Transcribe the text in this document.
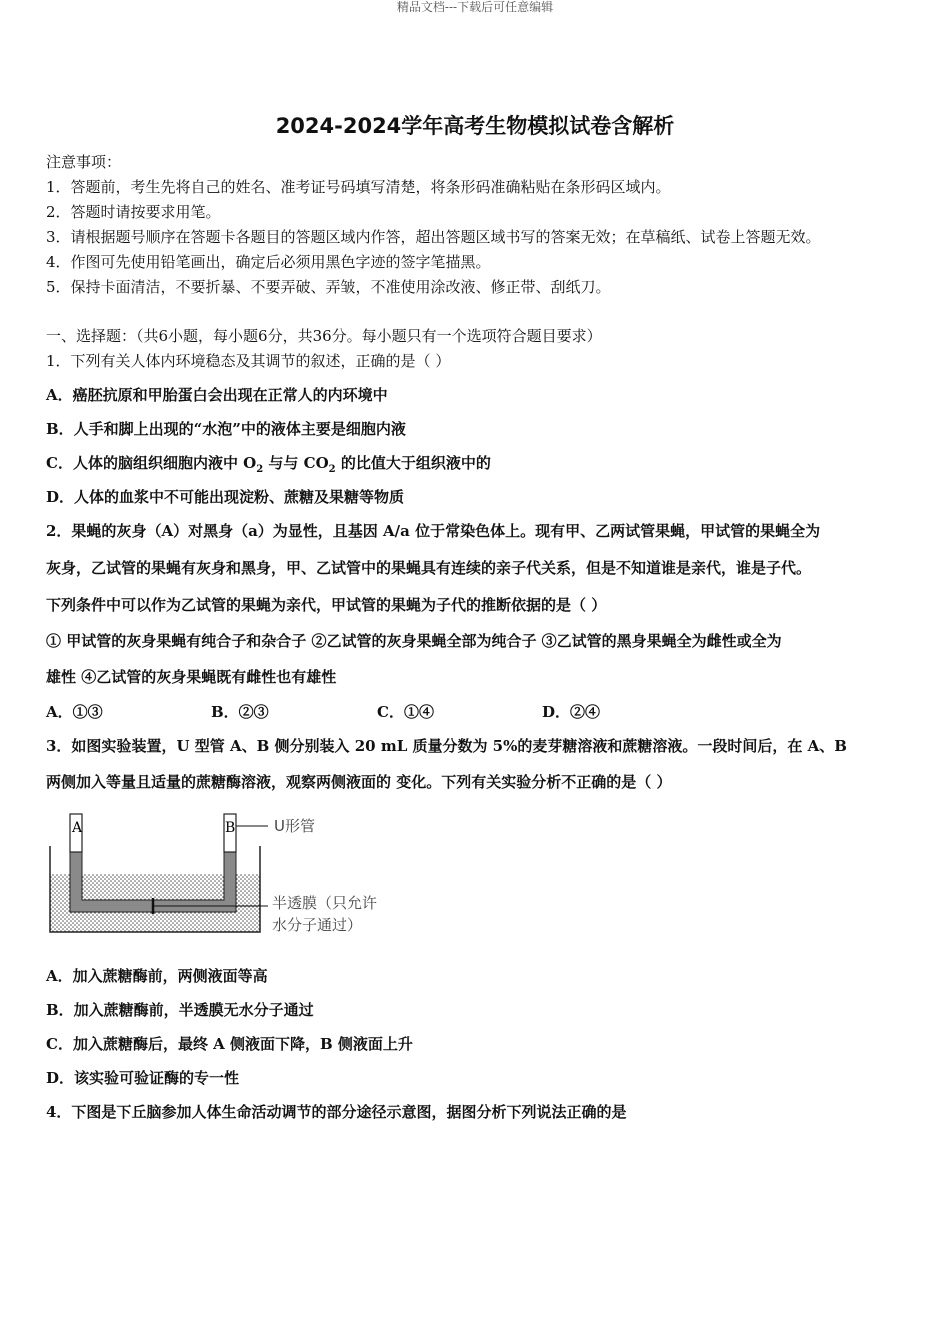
精品文档---下载后可任意编辑
2024-2024学年高考生物模拟试卷含解析
注意事项：
1．答题前，考生先将自己的姓名、准考证号码填写清楚，将条形码准确粘贴在条形码区域内。
2．答题时请按要求用笔。
3．请根据题号顺序在答题卡各题目的答题区域内作答，超出答题区域书写的答案无效；在草稿纸、试卷上答题无效。
4．作图可先使用铅笔画出，确定后必须用黑色字迹的签字笔描黑。
5．保持卡面清洁，不要折暴、不要弄破、弄皱，不准使用涂改液、修正带、刮纸刀。
一、选择题：（共6小题，每小题6分，共36分。每小题只有一个选项符合题目要求）
1．下列有关人体内环境稳态及其调节的叙述，正确的是（ ）
A．癌胚抗原和甲胎蛋白会出现在正常人的内环境中
B．人手和脚上出现的“水泡”中的液体主要是细胞内液
C．人体的脑组织细胞内液中 $O_2$ 与与 $CO_2$ 的比值大于组织液中的
D．人体的血浆中不可能出现淀粉、蔗糖及果糖等物质
2．果蝇的灰身（A）对黑身（a）为显性，且基因 A/a 位于常染色体上。现有甲、乙两试管果蝇，甲试管的果蝇全为
灰身，乙试管的果蝇有灰身和黑身，甲、乙试管中的果蝇具有连续的亲子代关系，但是不知道谁是亲代，谁是子代。
下列条件中可以作为乙试管的果蝇为亲代，甲试管的果蝇为子代的推断依据的是（ ）
① 甲试管的灰身果蝇有纯合子和杂合子 ②乙试管的灰身果蝇全部为纯合子 ③乙试管的黑身果蝇全为雌性或全为
雄性 ④乙试管的灰身果蝇既有雌性也有雄性
A．①③	B．②③	C．①④	D．②④
3．如图实验装置，U 型管 A、B 侧分别装入 20 mL 质量分数为 5%的麦芽糖溶液和蔗糖溶液。一段时间后，在 A、B
两侧加入等量且适量的蔗糖酶溶液，观察两侧液面的 变化。下列有关实验分析不正确的是（ ）
A	B	U形管
半透膜（只允许
水分子通过）
A．加入蔗糖酶前，两侧液面等高
B．加入蔗糖酶前，半透膜无水分子通过
C．加入蔗糖酶后，最终 A 侧液面下降，B 侧液面上升
D．该实验可验证酶的专一性
4．下图是下丘脑参加人体生命活动调节的部分途径示意图，据图分析下列说法正确的是
